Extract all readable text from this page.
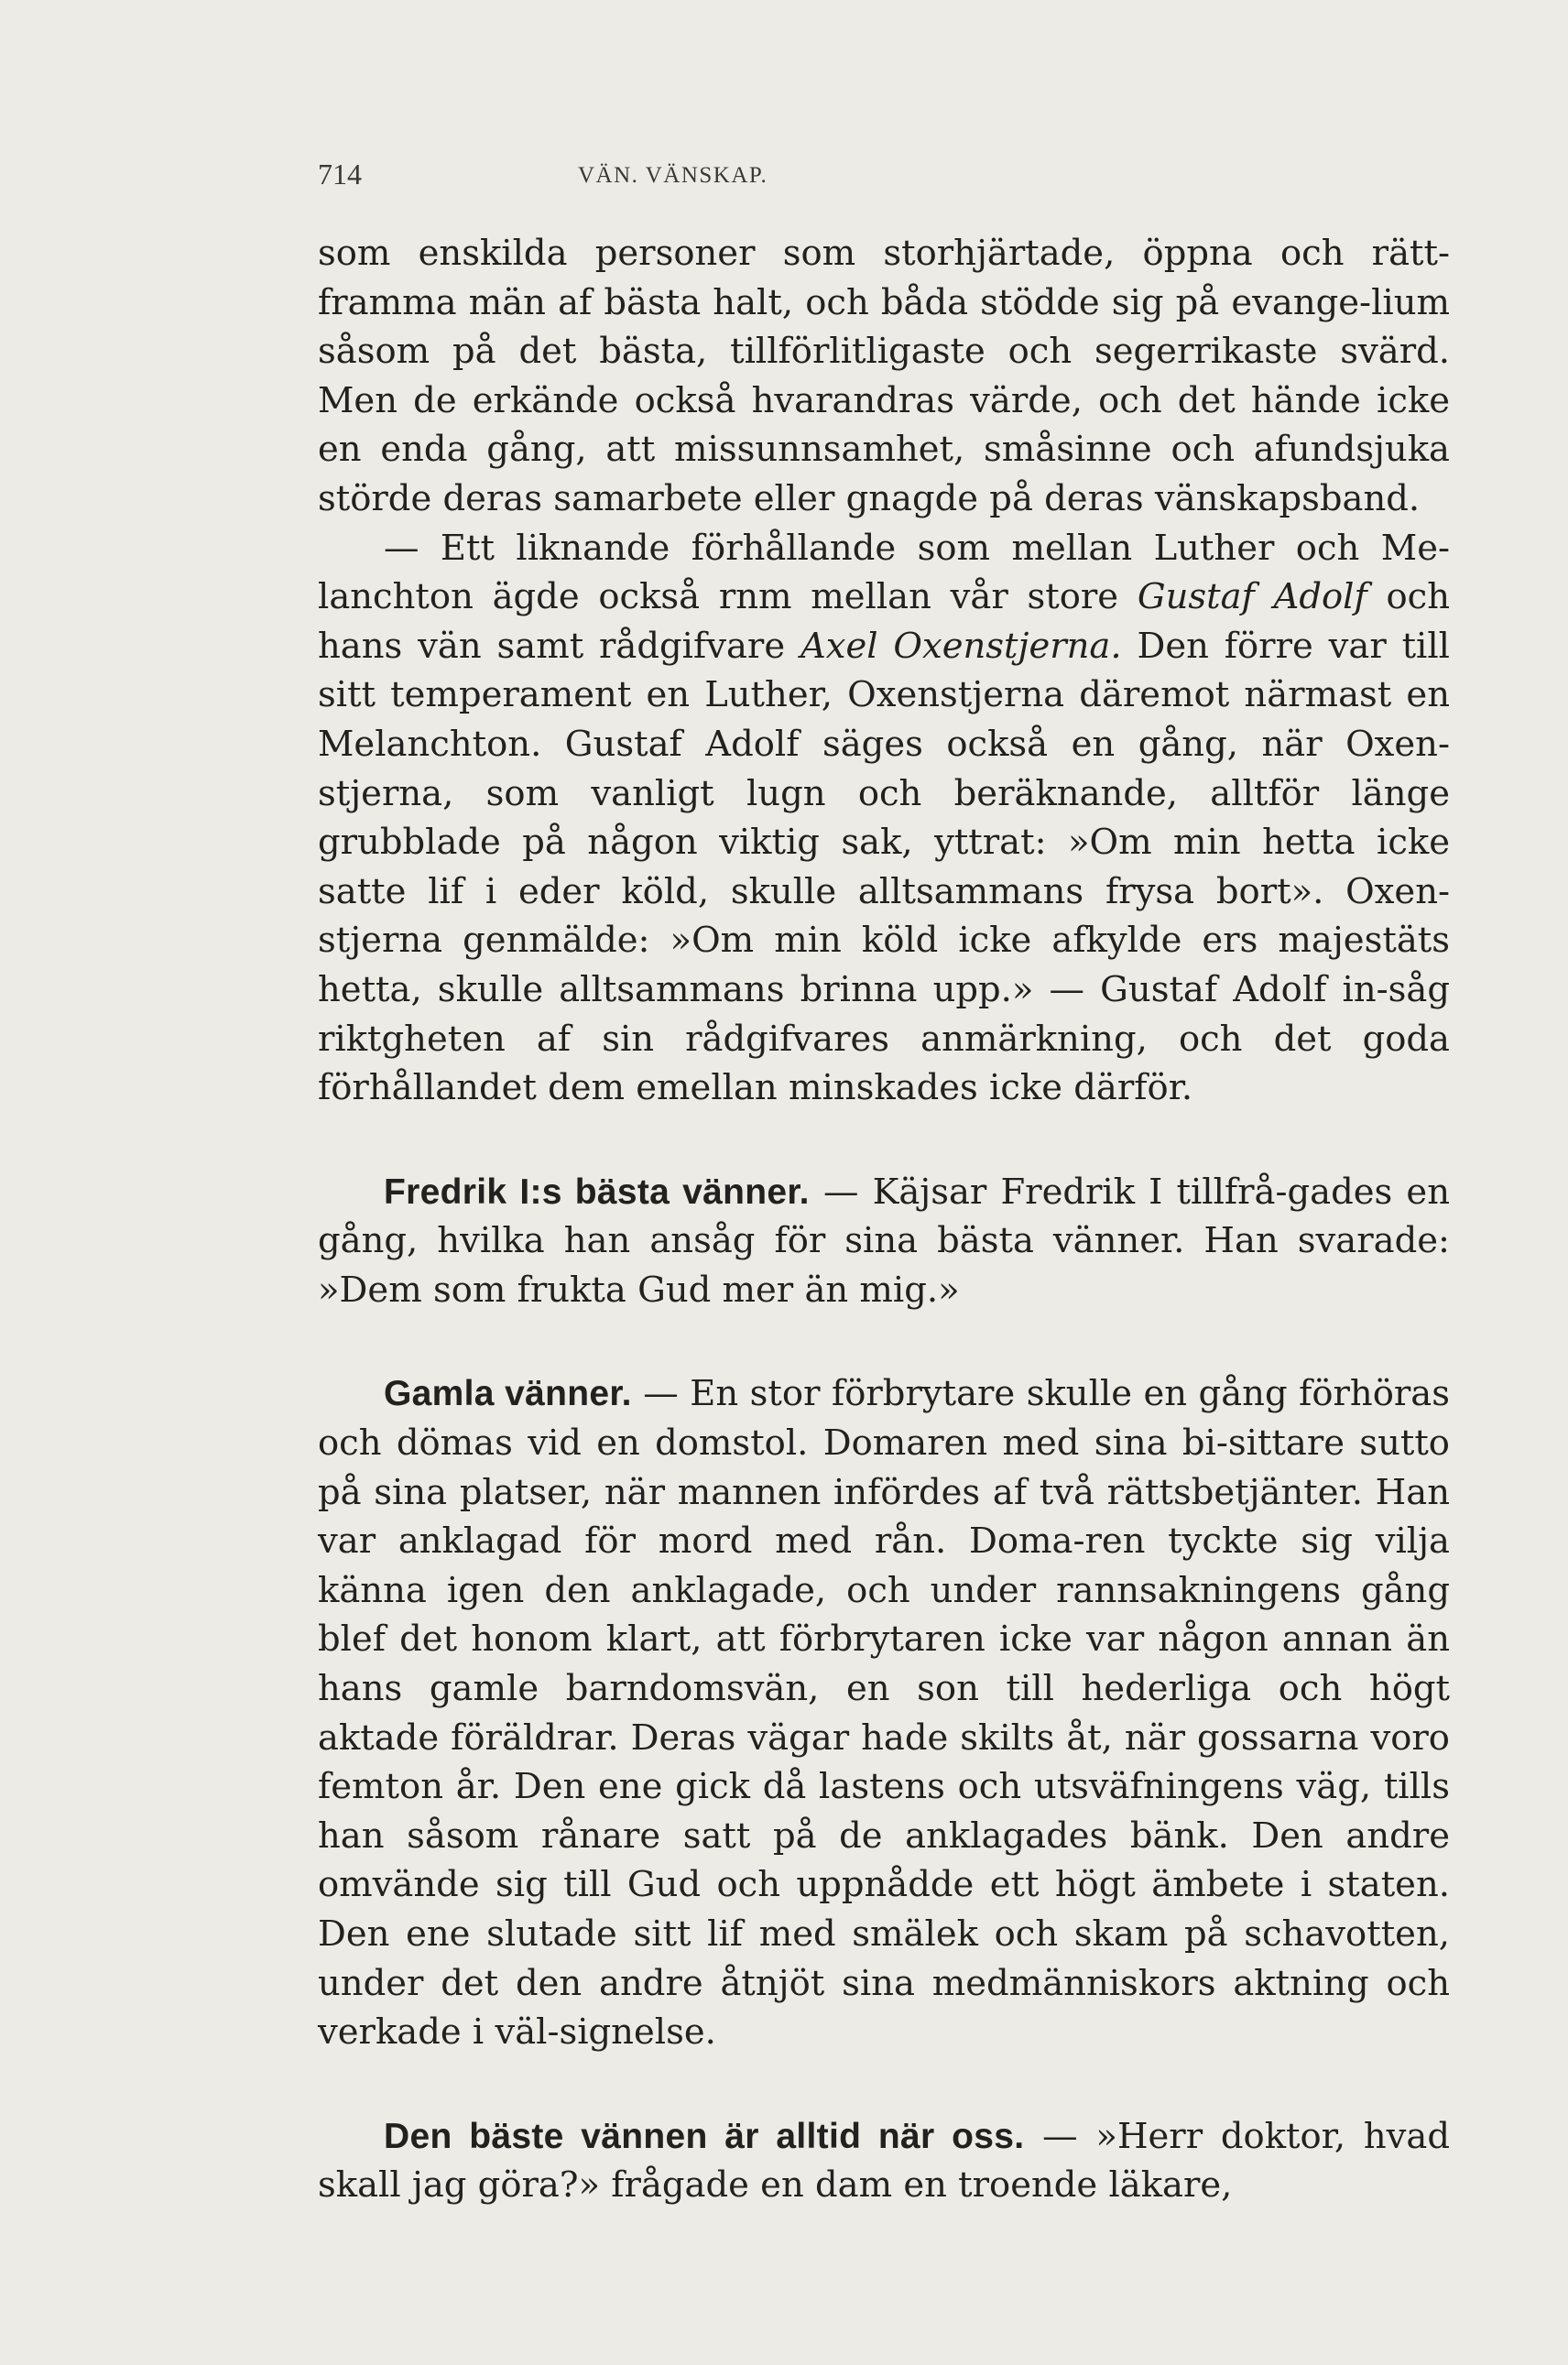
714	VÄN. VÄNSKAP.

som enskilda personer som storhjärtade, öppna och rätt-framma män af bästa halt, och båda stödde sig på evange-lium såsom på det bästa, tillförlitligaste och segerrikaste svärd. Men de erkände också hvarandras värde, och det hände icke en enda gång, att missunnsamhet, småsinne och afundsjuka störde deras samarbete eller gnagde på deras vänskapsband.

— Ett liknande förhållande som mellan Luther och Me-lanchton ägde också rnm mellan vår store Gustaf Adolf och hans vän samt rådgifvare Axel Oxenstjerna. Den förre var till sitt temperament en Luther, Oxenstjerna däremot närmast en Melanchton. Gustaf Adolf säges också en gång, när Oxen-stjerna, som vanligt lugn och beräknande, alltför länge grubblade på någon viktig sak, yttrat: »Om min hetta icke satte lif i eder köld, skulle alltsammans frysa bort». Oxen-stjerna genmälde: »Om min köld icke afkylde ers majestäts hetta, skulle alltsammans brinna upp.» — Gustaf Adolf in-såg riktgheten af sin rådgifvares anmärkning, och det goda förhållandet dem emellan minskades icke därför.

Fredrik I:s bästa vänner. — Käjsar Fredrik I tillfrå-gades en gång, hvilka han ansåg för sina bästa vänner. Han svarade: »Dem som frukta Gud mer än mig.»

Gamla vänner. — En stor förbrytare skulle en gång förhöras och dömas vid en domstol. Domaren med sina bi-sittare sutto på sina platser, när mannen infördes af två rättsbetjänter. Han var anklagad för mord med rån. Doma-ren tyckte sig vilja känna igen den anklagade, och under rannsakningens gång blef det honom klart, att förbrytaren icke var någon annan än hans gamle barndomsvän, en son till hederliga och högt aktade föräldrar. Deras vägar hade skilts åt, när gossarna voro femton år. Den ene gick då lastens och utsväfningens väg, tills han såsom rånare satt på de anklagades bänk. Den andre omvände sig till Gud och uppnådde ett högt ämbete i staten. Den ene slutade sitt lif med smälek och skam på schavotten, under det den andre åtnjöt sina medmänniskors aktning och verkade i väl-signelse.

Den bäste vännen är alltid när oss. — »Herr doktor, hvad skall jag göra?» frågade en dam en troende läkare,
